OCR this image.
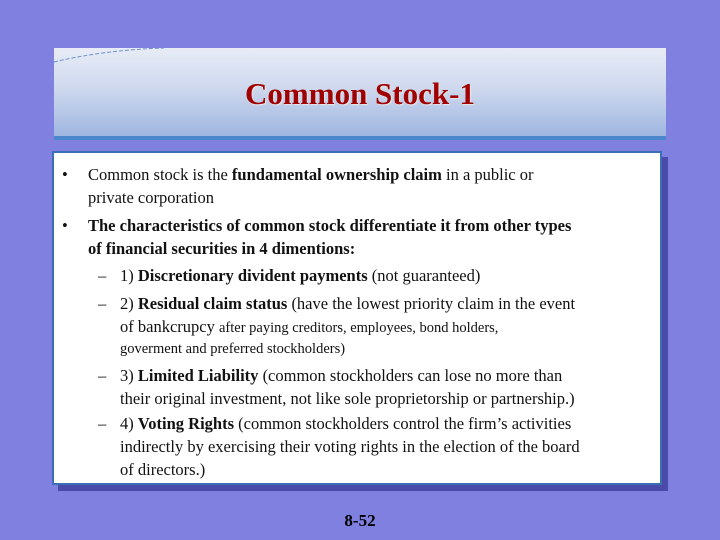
Common Stock-1
• Common stock is the fundamental ownership claim in a public or
private corporation
• The characteristics of common stock differentiate it from other types
of financial securities in 4 dimentions:
– 1) Discretionary divident payments (not guaranteed)
– 2) Residual claim status (have the lowest priority claim in the event
of bankcrupcy after paying creditors, employees, bond holders,
goverment and preferred stockholders)
– 3) Limited Liability (common stockholders can lose no more than
their original investment, not like sole proprietorship or partnership.)
– 4) Voting Rights (common stockholders control the firm’s activities
indirectly by exercising their voting rights in the election of the board
of directors.)
8-52
